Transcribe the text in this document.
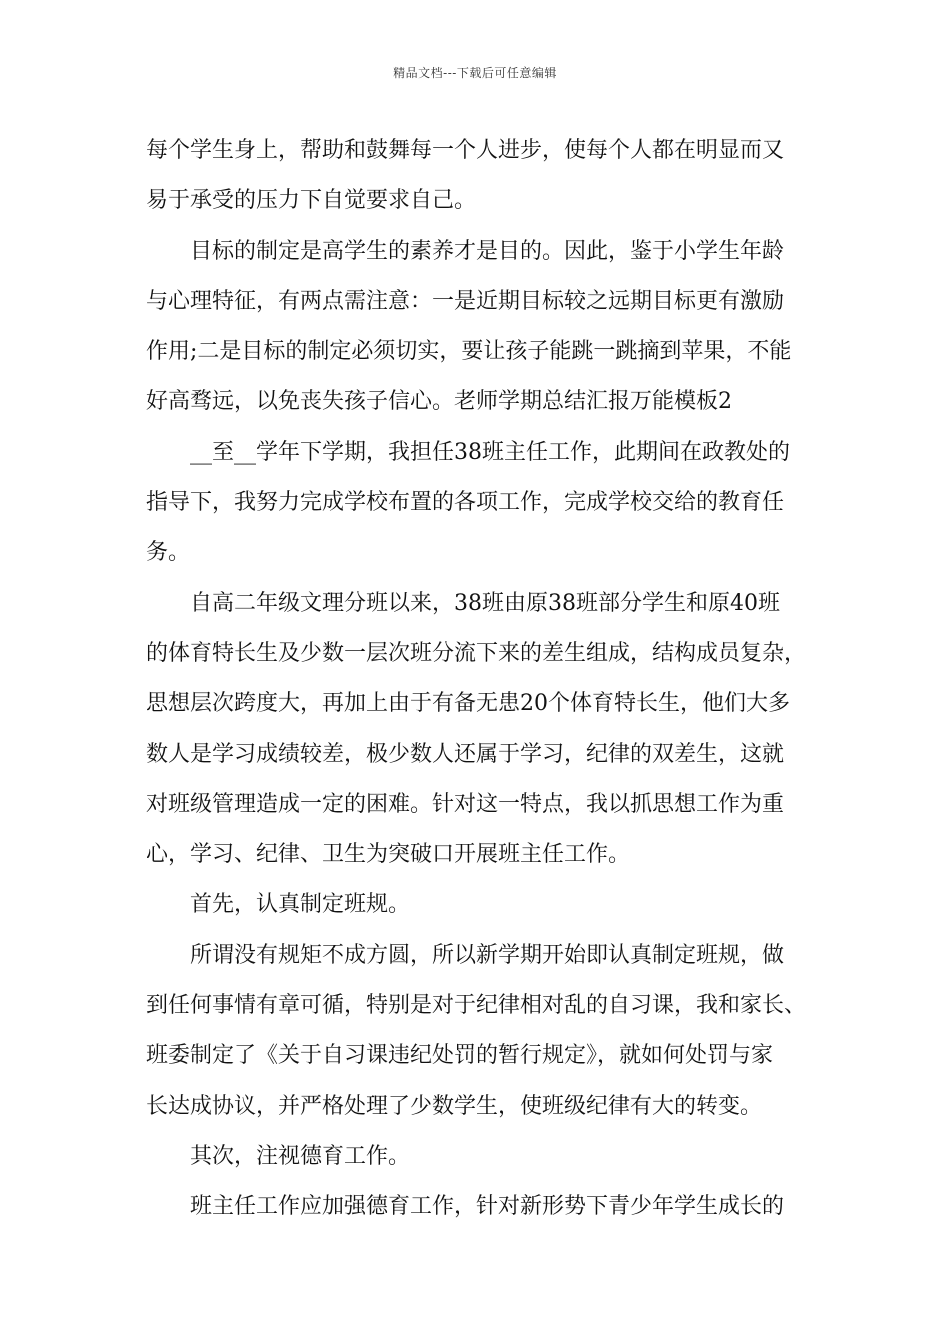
精品文档---下载后可任意编辑
每个学生身上，帮助和鼓舞每一个人进步，使每个人都在明显而又
易于承受的压力下自觉要求自己。
目标的制定是高学生的素养才是目的。因此，鉴于小学生年龄
与心理特征，有两点需注意：一是近期目标较之远期目标更有激励
作用;二是目标的制定必须切实，要让孩子能跳一跳摘到苹果，不能
好高骛远，以免丧失孩子信心。老师学期总结汇报万能模板2
__至__学年下学期，我担任38班主任工作，此期间在政教处的
指导下，我努力完成学校布置的各项工作，完成学校交给的教育任
务。
自高二年级文理分班以来，38班由原38班部分学生和原40班
的体育特长生及少数一层次班分流下来的差生组成，结构成员复杂，
思想层次跨度大，再加上由于有备无患20个体育特长生，他们大多
数人是学习成绩较差，极少数人还属于学习，纪律的双差生，这就
对班级管理造成一定的困难。针对这一特点，我以抓思想工作为重
心，学习、纪律、卫生为突破口开展班主任工作。
首先，认真制定班规。
所谓没有规矩不成方圆，所以新学期开始即认真制定班规，做
到任何事情有章可循，特别是对于纪律相对乱的自习课，我和家长、
班委制定了《关于自习课违纪处罚的暂行规定》，就如何处罚与家
长达成协议，并严格处理了少数学生，使班级纪律有大的转变。
其次，注视德育工作。
班主任工作应加强德育工作，针对新形势下青少年学生成长的
